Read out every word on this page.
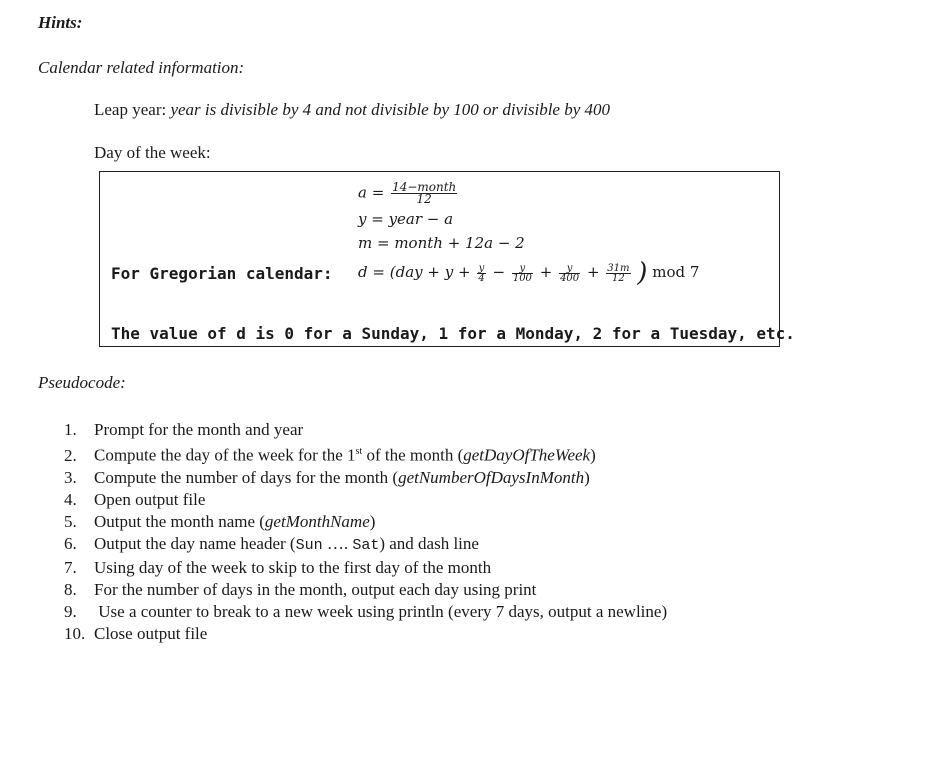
Hints:
Calendar related information:
Leap year: year is divisible by 4 and not divisible by 100 or divisible by 400
Day of the week:
$a = \frac{\text{14−month}}{12}$
y = year − a
m = month + 12a − 2
For Gregorian calendar: $d = (day + y + \frac{y}{4} - \frac{y}{100} + \frac{y}{400} + \frac{31m}{12}$ ) mod 7
The value of d is 0 for a Sunday, 1 for a Monday, 2 for a Tuesday, etc.
Pseudocode:
1. Prompt for the month and year
2. Compute the day of the week for the 1st of the month (getDayOfTheWeek)
3. Compute the number of days for the month (getNumberOfDaysInMonth)
4. Open output file
5. Output the month name (getMonthName)
6. Output the day name header (Sun …. Sat) and dash line
7. Using day of the week to skip to the first day of the month
8. For the number of days in the month, output each day using print
9. Use a counter to break to a new week using println (every 7 days, output a newline)
10. Close output file
